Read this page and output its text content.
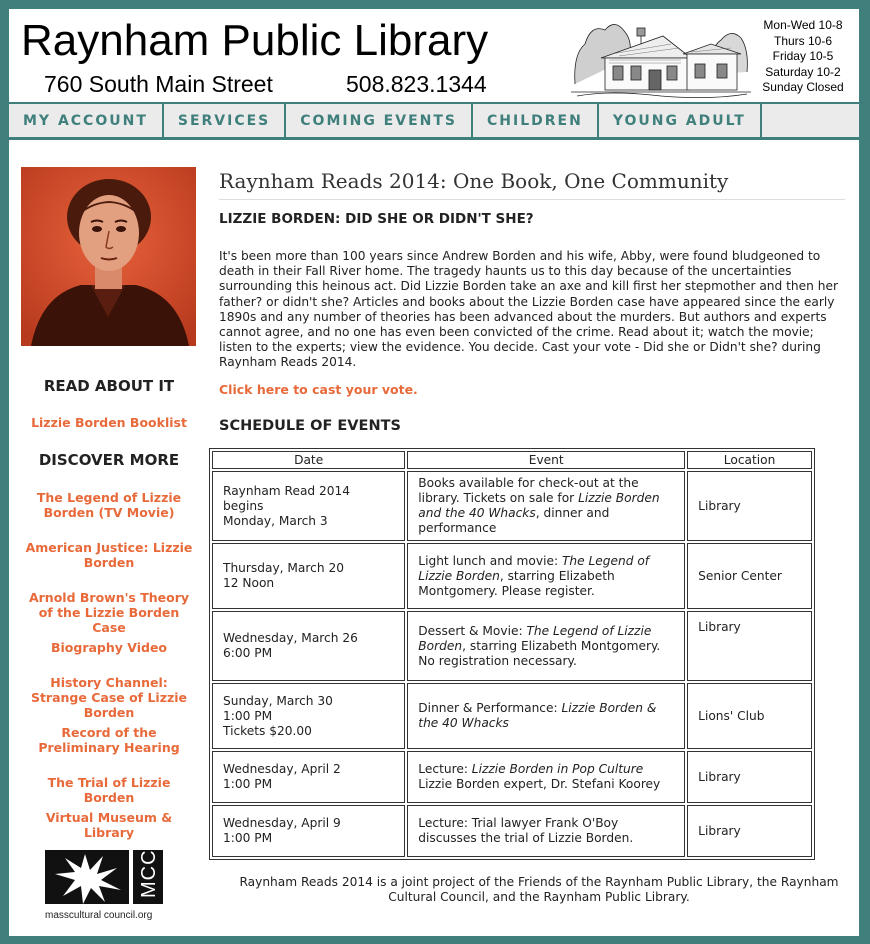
Raynham Public Library
760 South Main Street	508.823.1344
Mon-Wed 10-8
Thurs 10-6
Friday 10-5
Saturday 10-2
Sunday Closed
MY ACCOUNT	SERVICES	COMING EVENTS	CHILDREN	YOUNG ADULT
READ ABOUT IT
Lizzie Borden Booklist
DISCOVER MORE
The Legend of Lizzie Borden (TV Movie)
American Justice: Lizzie Borden
Arnold Brown's Theory of the Lizzie Borden Case
Biography Video
History Channel: Strange Case of Lizzie Borden
Record of the Preliminary Hearing
The Trial of Lizzie Borden
Virtual Museum & Library
MCC
masscultural council.org
Raynham Reads 2014: One Book, One Community
LIZZIE BORDEN: DID SHE OR DIDN'T SHE?
It's been more than 100 years since Andrew Borden and his wife, Abby, were found bludgeoned to death in their Fall River home. The tragedy haunts us to this day because of the uncertainties surrounding this heinous act. Did Lizzie Borden take an axe and kill first her stepmother and then her father? or didn't she? Articles and books about the Lizzie Borden case have appeared since the early 1890s and any number of theories has been advanced about the murders. But authors and experts cannot agree, and no one has even been convicted of the crime. Read about it; watch the movie; listen to the experts; view the evidence. You decide. Cast your vote - Did she or Didn't she? during Raynham Reads 2014.
Click here to cast your vote.
SCHEDULE OF EVENTS
Date	Event	Location

Raynham Read 2014 begins
Monday, March 3	Books available for check-out at the library. Tickets on sale for Lizzie Borden and the 40 Whacks, dinner and performance	Library

Thursday, March 20
12 Noon	Light lunch and movie: The Legend of Lizzie Borden, starring Elizabeth Montgomery. Please register.	Senior Center

Wednesday, March 26
6:00 PM	Dessert & Movie: The Legend of Lizzie Borden, starring Elizabeth Montgomery. No registration necessary.	Library

Sunday, March 30
1:00 PM
Tickets $20.00	Dinner & Performance: Lizzie Borden & the 40 Whacks	Lions' Club

Wednesday, April 2
1:00 PM	Lecture: Lizzie Borden in Pop Culture Lizzie Borden expert, Dr. Stefani Koorey	Library

Wednesday, April 9
1:00 PM	Lecture: Trial lawyer Frank O'Boy discusses the trial of Lizzie Borden.	Library
Raynham Reads 2014 is a joint project of the Friends of the Raynham Public Library, the Raynham Cultural Council, and the Raynham Public Library.
